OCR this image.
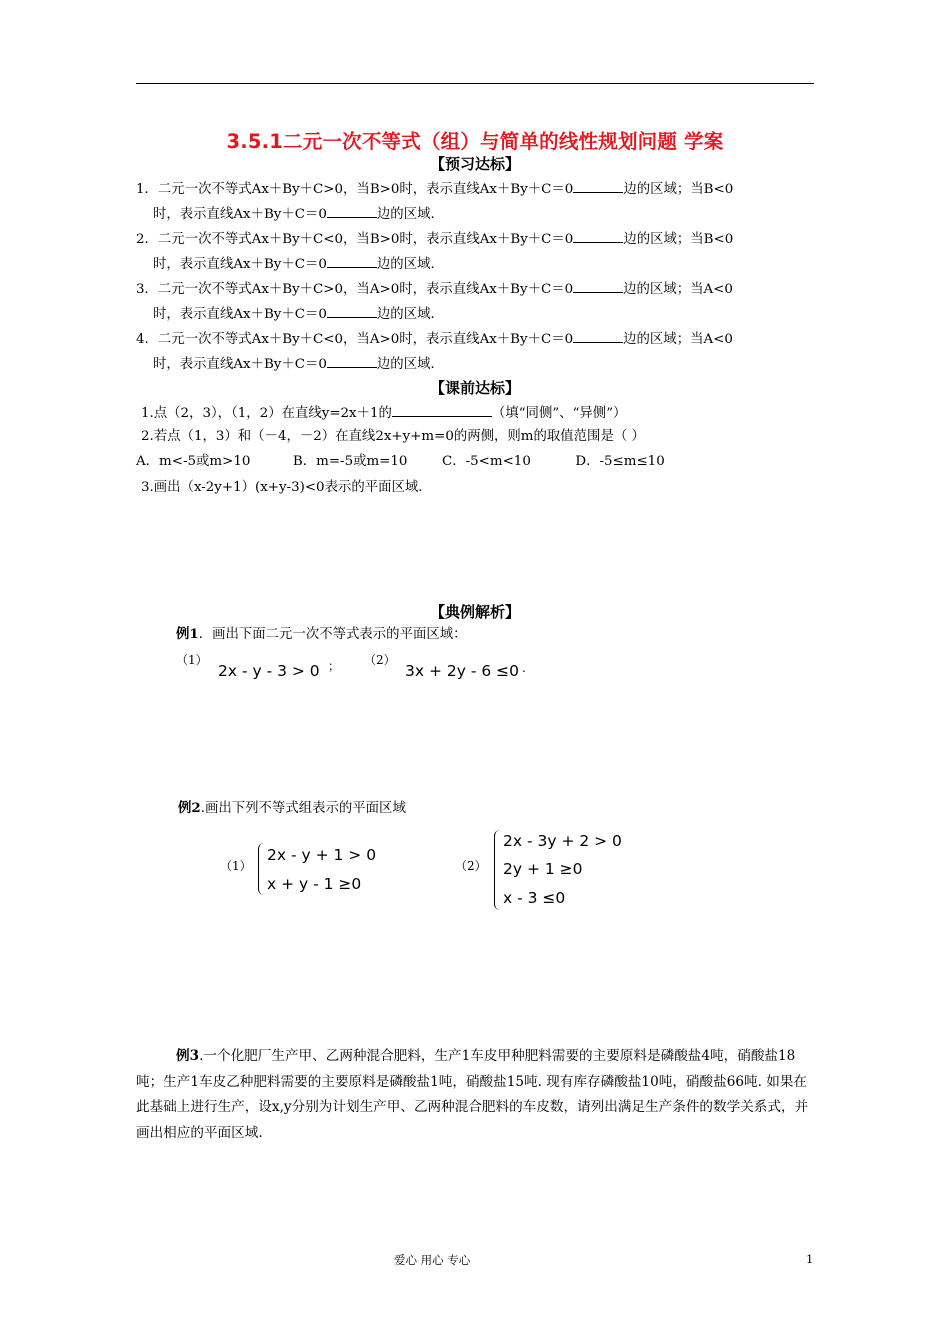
3.5.1二元一次不等式（组）与简单的线性规划问题 学案
【预习达标】
1．二元一次不等式Ax＋By＋C>0，当B>0时，表示直线Ax＋By＋C＝0	边的区域；当B<0
时，表示直线Ax＋By＋C＝0	边的区域．
2．二元一次不等式Ax＋By＋C<0，当B>0时，表示直线Ax＋By＋C＝0	边的区域；当B<0
时，表示直线Ax＋By＋C＝0	边的区域．
3．二元一次不等式Ax＋By＋C>0，当A>0时，表示直线Ax＋By＋C＝0	边的区域；当A<0
时，表示直线Ax＋By＋C＝0	边的区域．
4．二元一次不等式Ax＋By＋C<0，当A>0时，表示直线Ax＋By＋C＝0	边的区域；当A<0
时，表示直线Ax＋By＋C＝0	边的区域．
【课前达标】
1.点（2，3），（1，2）在直线y=2x＋1的	（填“同侧”、“异侧”）
2.若点（1，3）和（－4，－2）在直线2x+y+m=0的两侧，则m的取值范围是（ ）
A．m<-5或m>10	B．m=-5或m=10	C．-5<m<10	D．-5≤m≤10
3.画出（x-2y+1）(x+y-3)<0表示的平面区域.
【典例解析】
例1．画出下面二元一次不等式表示的平面区域：
（1）
2x - y - 3 > 0 ； （2）
3x + 2y - 6 ≤0 .
例2.画出下列不等式组表示的平面区域
（1）
2x - y + 1 > 0
x + y - 1 ≥0
（2）
2x - 3y + 2 > 0
2y + 1 ≥0
x - 3 ≤0
例3.一个化肥厂生产甲、乙两种混合肥料，生产1车皮甲种肥料需要的主要原料是磷酸盐4吨，硝酸盐18吨；生产1车皮乙种肥料需要的主要原料是磷酸盐1吨，硝酸盐15吨. 现有库存磷酸盐10吨，硝酸盐66吨. 如果在此基础上进行生产，设x,y分别为计划生产甲、乙两种混合肥料的车皮数，请列出满足生产条件的数学关系式，并画出相应的平面区域.
爱心 用心 专心	1
